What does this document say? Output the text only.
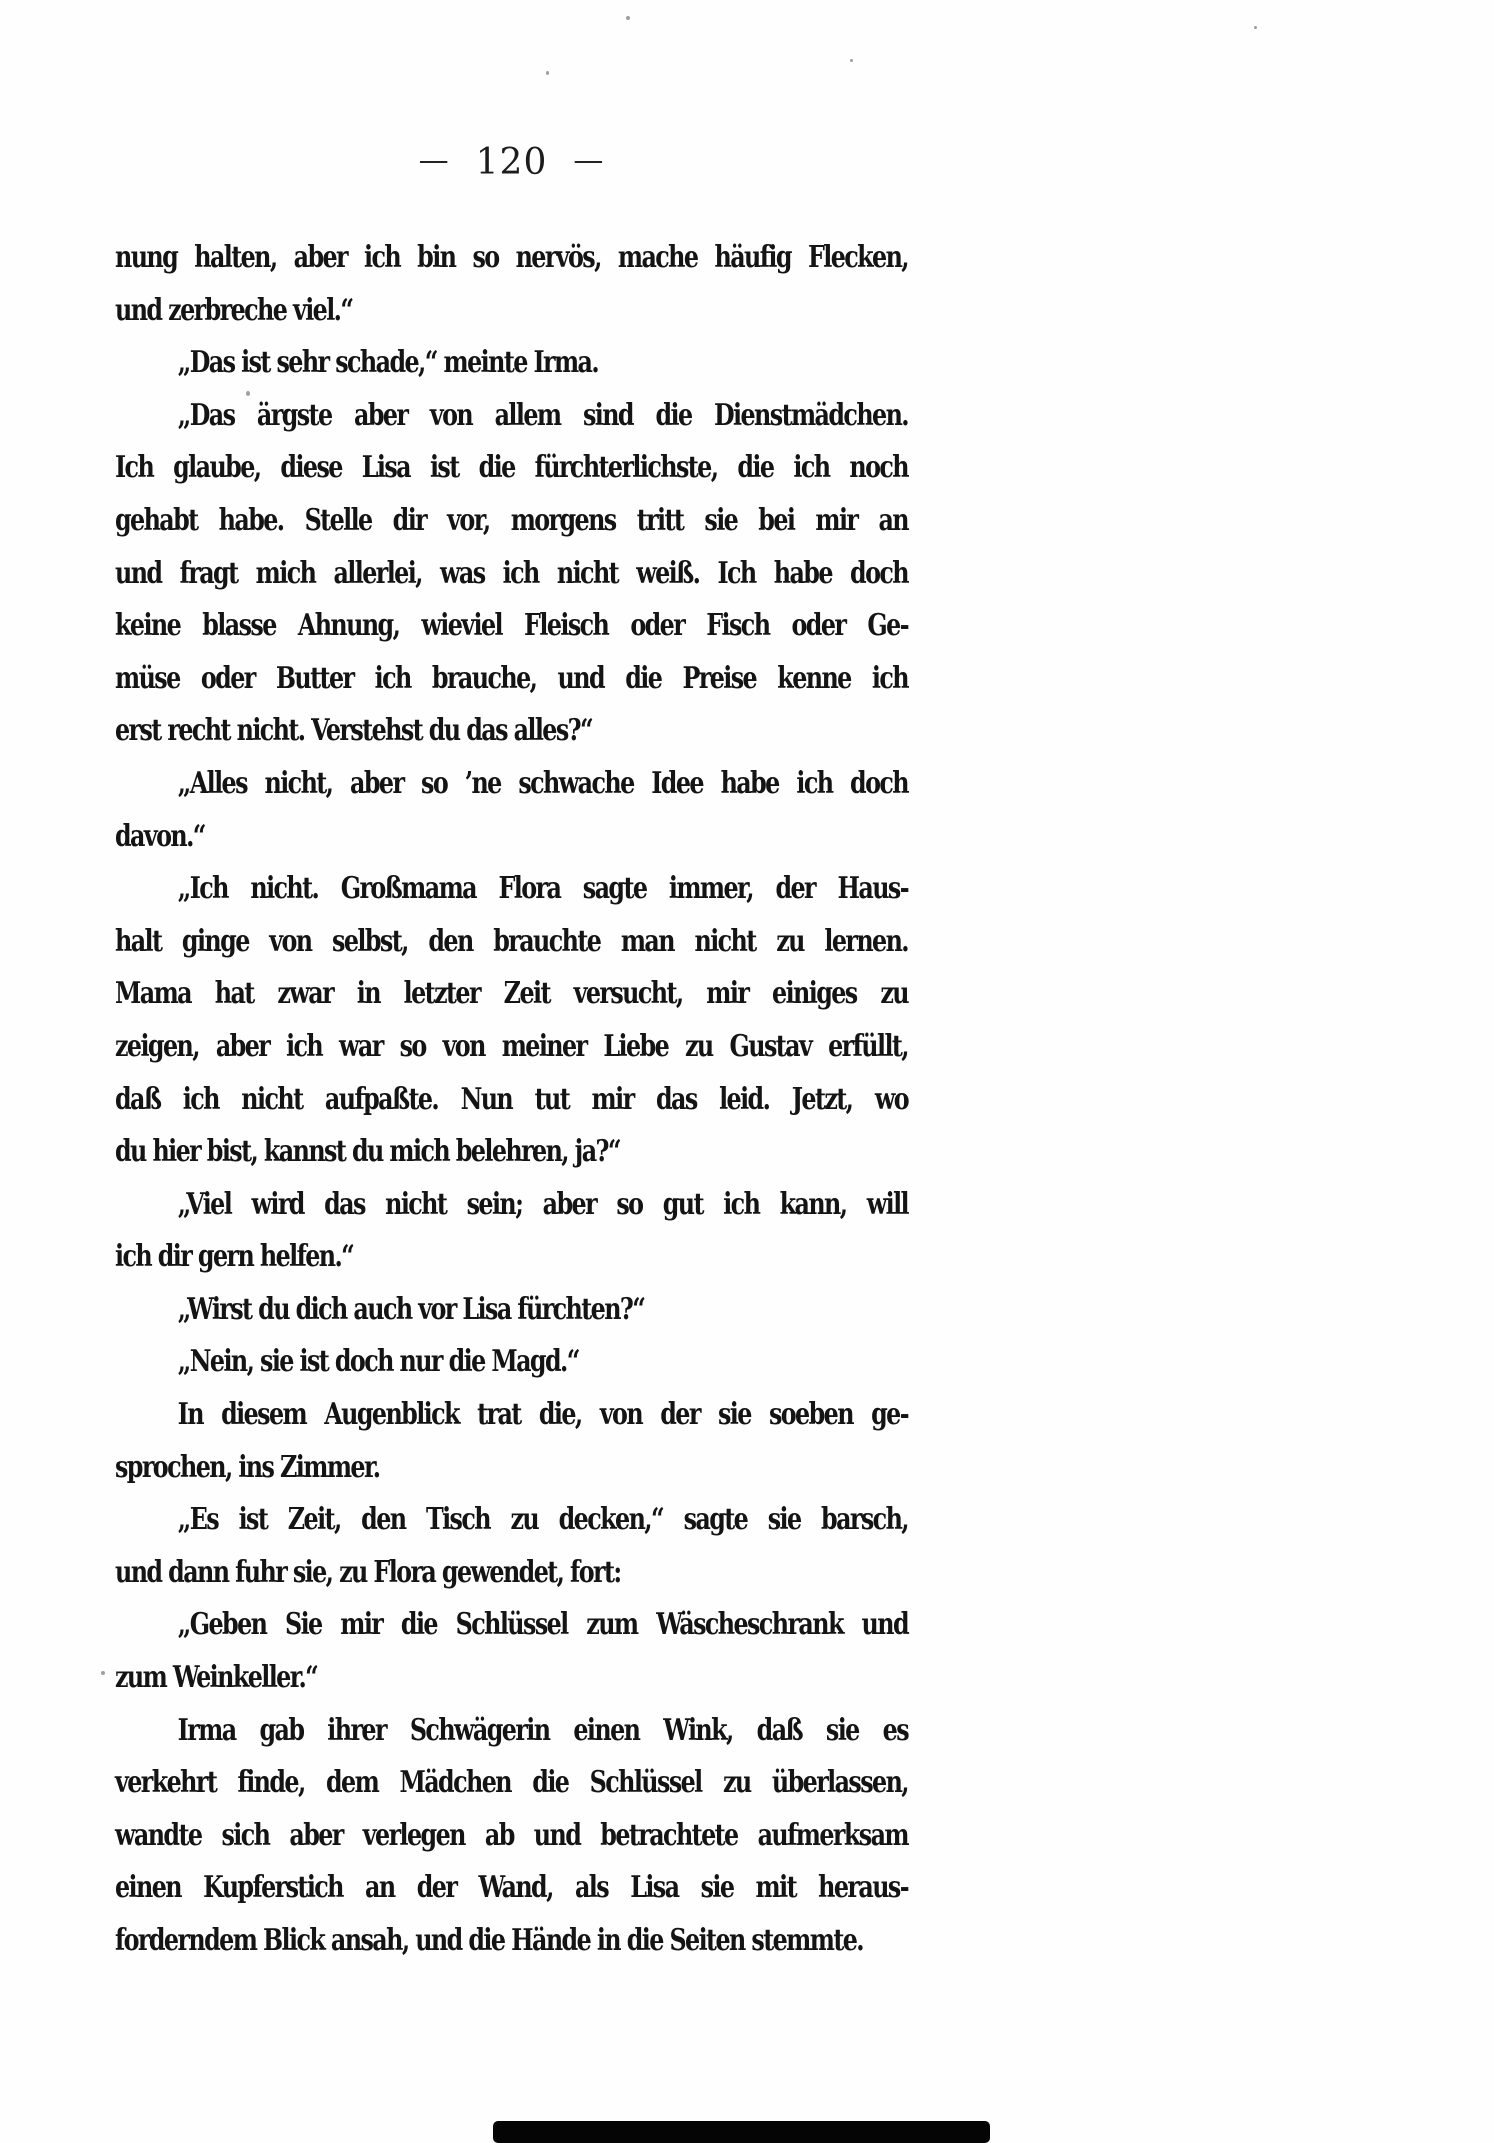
— 120 —
nung halten, aber ich bin so nervös, mache häufig Flecken,
und zerbreche viel.“
„Das ist sehr schade,“ meinte Irma.
„Das ärgste aber von allem sind die Dienstmädchen.
Ich glaube, diese Lisa ist die fürchterlichste, die ich noch
gehabt habe. Stelle dir vor, morgens tritt sie bei mir an
und fragt mich allerlei, was ich nicht weiß. Ich habe doch
keine blasse Ahnung, wieviel Fleisch oder Fisch oder Ge-
müse oder Butter ich brauche, und die Preise kenne ich
erst recht nicht. Verstehst du das alles?“
„Alles nicht, aber so ’ne schwache Idee habe ich doch
davon.“
„Ich nicht. Großmama Flora sagte immer, der Haus-
halt ginge von selbst, den brauchte man nicht zu lernen.
Mama hat zwar in letzter Zeit versucht, mir einiges zu
zeigen, aber ich war so von meiner Liebe zu Gustav erfüllt,
daß ich nicht aufpaßte. Nun tut mir das leid. Jetzt, wo
du hier bist, kannst du mich belehren, ja?“
„Viel wird das nicht sein; aber so gut ich kann, will
ich dir gern helfen.“
„Wirst du dich auch vor Lisa fürchten?“
„Nein, sie ist doch nur die Magd.“
In diesem Augenblick trat die, von der sie soeben ge-
sprochen, ins Zimmer.
„Es ist Zeit, den Tisch zu decken,“ sagte sie barsch,
und dann fuhr sie, zu Flora gewendet, fort:
„Geben Sie mir die Schlüssel zum Wäscheschrank und
zum Weinkeller.“
Irma gab ihrer Schwägerin einen Wink, daß sie es
verkehrt finde, dem Mädchen die Schlüssel zu überlassen,
wandte sich aber verlegen ab und betrachtete aufmerksam
einen Kupferstich an der Wand, als Lisa sie mit heraus-
forderndem Blick ansah, und die Hände in die Seiten stemmte.
